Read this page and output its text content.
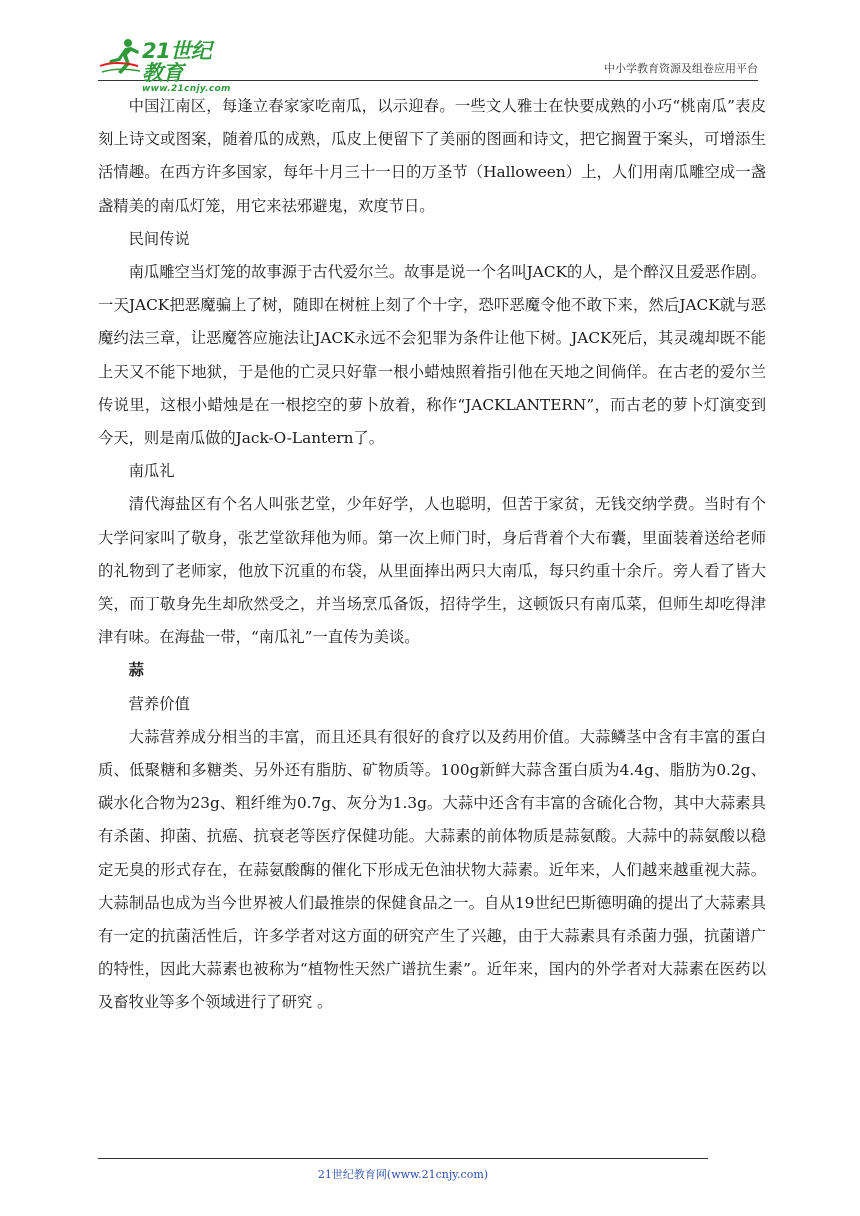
21世纪教育
www.21cnjy.com
中小学教育资源及组卷应用平台

中国江南区，每逢立春家家吃南瓜，以示迎春。一些文人雅士在快要成熟的小巧“桃南瓜”表皮刻上诗文或图案，随着瓜的成熟，瓜皮上便留下了美丽的图画和诗文，把它搁置于案头，可增添生活情趣。在西方许多国家，每年十月三十一日的万圣节（Halloween）上，人们用南瓜雕空成一盏盏精美的南瓜灯笼，用它来祛邪避鬼，欢度节日。

民间传说

南瓜雕空当灯笼的故事源于古代爱尔兰。故事是说一个名叫JACK的人，是个醉汉且爱恶作剧。一天JACK把恶魔骗上了树，随即在树桩上刻了个十字，恐吓恶魔令他不敢下来，然后JACK就与恶魔约法三章，让恶魔答应施法让JACK永远不会犯罪为条件让他下树。JACK死后，其灵魂却既不能上天又不能下地狱，于是他的亡灵只好靠一根小蜡烛照着指引他在天地之间倘佯。在古老的爱尔兰传说里，这根小蜡烛是在一根挖空的萝卜放着，称作“JACKLANTERN”，而古老的萝卜灯演变到今天，则是南瓜做的Jack-O-Lantern了。

南瓜礼

清代海盐区有个名人叫张艺堂，少年好学，人也聪明，但苦于家贫，无钱交纳学费。当时有个大学问家叫了敬身，张艺堂欲拜他为师。第一次上师门时，身后背着个大布囊，里面装着送给老师的礼物到了老师家，他放下沉重的布袋，从里面捧出两只大南瓜，每只约重十余斤。旁人看了皆大笑，而丁敬身先生却欣然受之，并当场烹瓜备饭，招待学生，这顿饭只有南瓜菜，但师生却吃得津津有味。在海盐一带，“南瓜礼”一直传为美谈。

蒜

营养价值

大蒜营养成分相当的丰富，而且还具有很好的食疗以及药用价值。大蒜鳞茎中含有丰富的蛋白质、低聚糖和多糖类、另外还有脂肪、矿物质等。100g新鲜大蒜含蛋白质为4.4g、脂肪为0.2g、碳水化合物为23g、粗纤维为0.7g、灰分为1.3g。大蒜中还含有丰富的含硫化合物，其中大蒜素具有杀菌、抑菌、抗癌、抗衰老等医疗保健功能。大蒜素的前体物质是蒜氨酸。大蒜中的蒜氨酸以稳定无臭的形式存在，在蒜氨酸酶的催化下形成无色油状物大蒜素。近年来，人们越来越重视大蒜。大蒜制品也成为当今世界被人们最推崇的保健食品之一。自从19世纪巴斯德明确的提出了大蒜素具有一定的抗菌活性后，许多学者对这方面的研究产生了兴趣，由于大蒜素具有杀菌力强，抗菌谱广的特性，因此大蒜素也被称为“植物性天然广谱抗生素”。近年来，国内的外学者对大蒜素在医药以及畜牧业等多个领域进行了研究 。

21世纪教育网(www.21cnjy.com)
